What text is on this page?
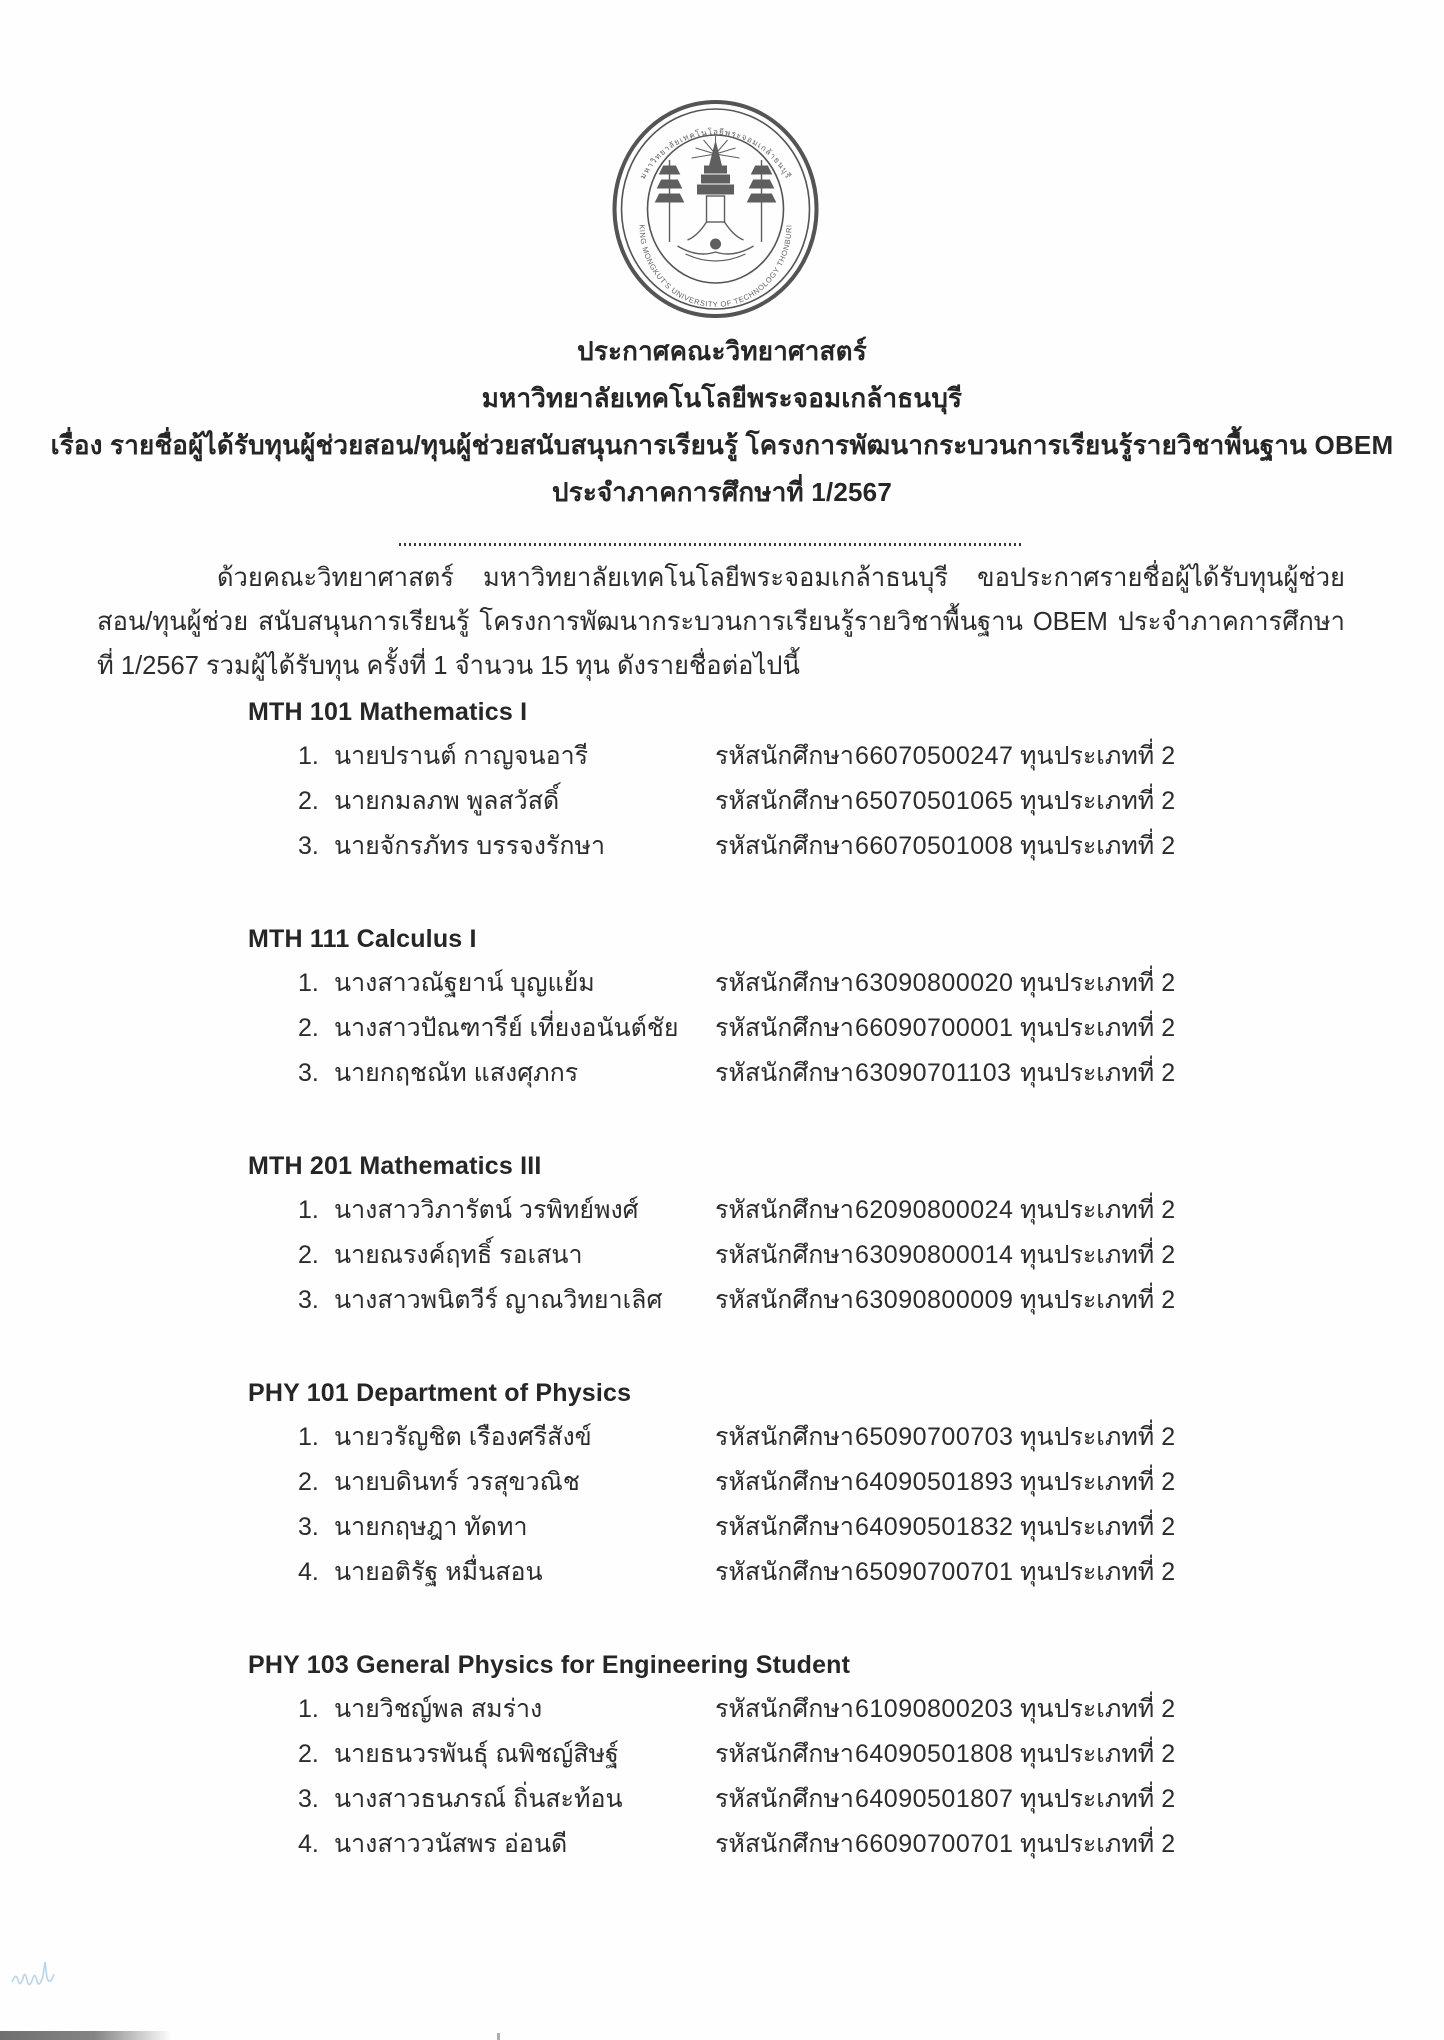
มหาวิทยาลัยเทคโนโลยีพระจอมเกล้าธนบุรี
KING MONGKUT'S UNIVERSITY OF TECHNOLOGY THONBURI
ประกาศคณะวิทยาศาสตร์
มหาวิทยาลัยเทคโนโลยีพระจอมเกล้าธนบุรี
เรื่อง รายชื่อผู้ได้รับทุนผู้ช่วยสอน/ทุนผู้ช่วยสนับสนุนการเรียนรู้ โครงการพัฒนากระบวนการเรียนรู้รายวิชาพื้นฐาน OBEM
ประจำภาคการศึกษาที่ 1/2567

ด้วยคณะวิทยาศาสตร์ มหาวิทยาลัยเทคโนโลยีพระจอมเกล้าธนบุรี ขอประกาศรายชื่อผู้ได้รับทุนผู้ช่วยสอน/ทุนผู้ช่วย สนับสนุนการเรียนรู้ โครงการพัฒนากระบวนการเรียนรู้รายวิชาพื้นฐาน OBEM ประจำภาคการศึกษาที่ 1/2567 รวมผู้ได้รับทุน ครั้งที่ 1 จำนวน 15 ทุน ดังรายชื่อต่อไปนี้

MTH 101 Mathematics I
1. นายปรานต์ กาญจนอารี	รหัสนักศึกษา 66070500247 ทุนประเภทที่ 2
2. นายกมลภพ พูลสวัสดิ์	รหัสนักศึกษา 65070501065 ทุนประเภทที่ 2
3. นายจักรภัทร บรรจงรักษา	รหัสนักศึกษา 66070501008 ทุนประเภทที่ 2
MTH 111 Calculus I
1. นางสาวณัฐยาน์ บุญแย้ม	รหัสนักศึกษา 63090800020 ทุนประเภทที่ 2
2. นางสาวปัณฑารีย์ เที่ยงอนันต์ชัย	รหัสนักศึกษา 66090700001 ทุนประเภทที่ 2
3. นายกฤชณัท แสงศุภกร	รหัสนักศึกษา 63090701103 ทุนประเภทที่ 2
MTH 201 Mathematics III
1. นางสาววิภารัตน์ วรพิทย์พงศ์	รหัสนักศึกษา 62090800024 ทุนประเภทที่ 2
2. นายณรงค์ฤทธิ์ รอเสนา	รหัสนักศึกษา 63090800014 ทุนประเภทที่ 2
3. นางสาวพนิตวีร์ ญาณวิทยาเลิศ	รหัสนักศึกษา 63090800009 ทุนประเภทที่ 2
PHY 101 Department of Physics
1. นายวรัญชิต เรืองศรีสังข์	รหัสนักศึกษา 65090700703 ทุนประเภทที่ 2
2. นายบดินทร์ วรสุขวณิช	รหัสนักศึกษา 64090501893 ทุนประเภทที่ 2
3. นายกฤษฎา ทัดทา	รหัสนักศึกษา 64090501832 ทุนประเภทที่ 2
4. นายอติรัฐ หมื่นสอน	รหัสนักศึกษา 65090700701 ทุนประเภทที่ 2
PHY 103 General Physics for Engineering Student
1. นายวิชญ์พล สมร่าง	รหัสนักศึกษา 61090800203 ทุนประเภทที่ 2
2. นายธนวรพันธุ์ ณพิชญ์สิษฐ์	รหัสนักศึกษา 64090501808 ทุนประเภทที่ 2
3. นางสาวธนภรณ์ ถิ่นสะท้อน	รหัสนักศึกษา 64090501807 ทุนประเภทที่ 2
4. นางสาววนัสพร อ่อนดี	รหัสนักศึกษา 66090700701 ทุนประเภทที่ 2
